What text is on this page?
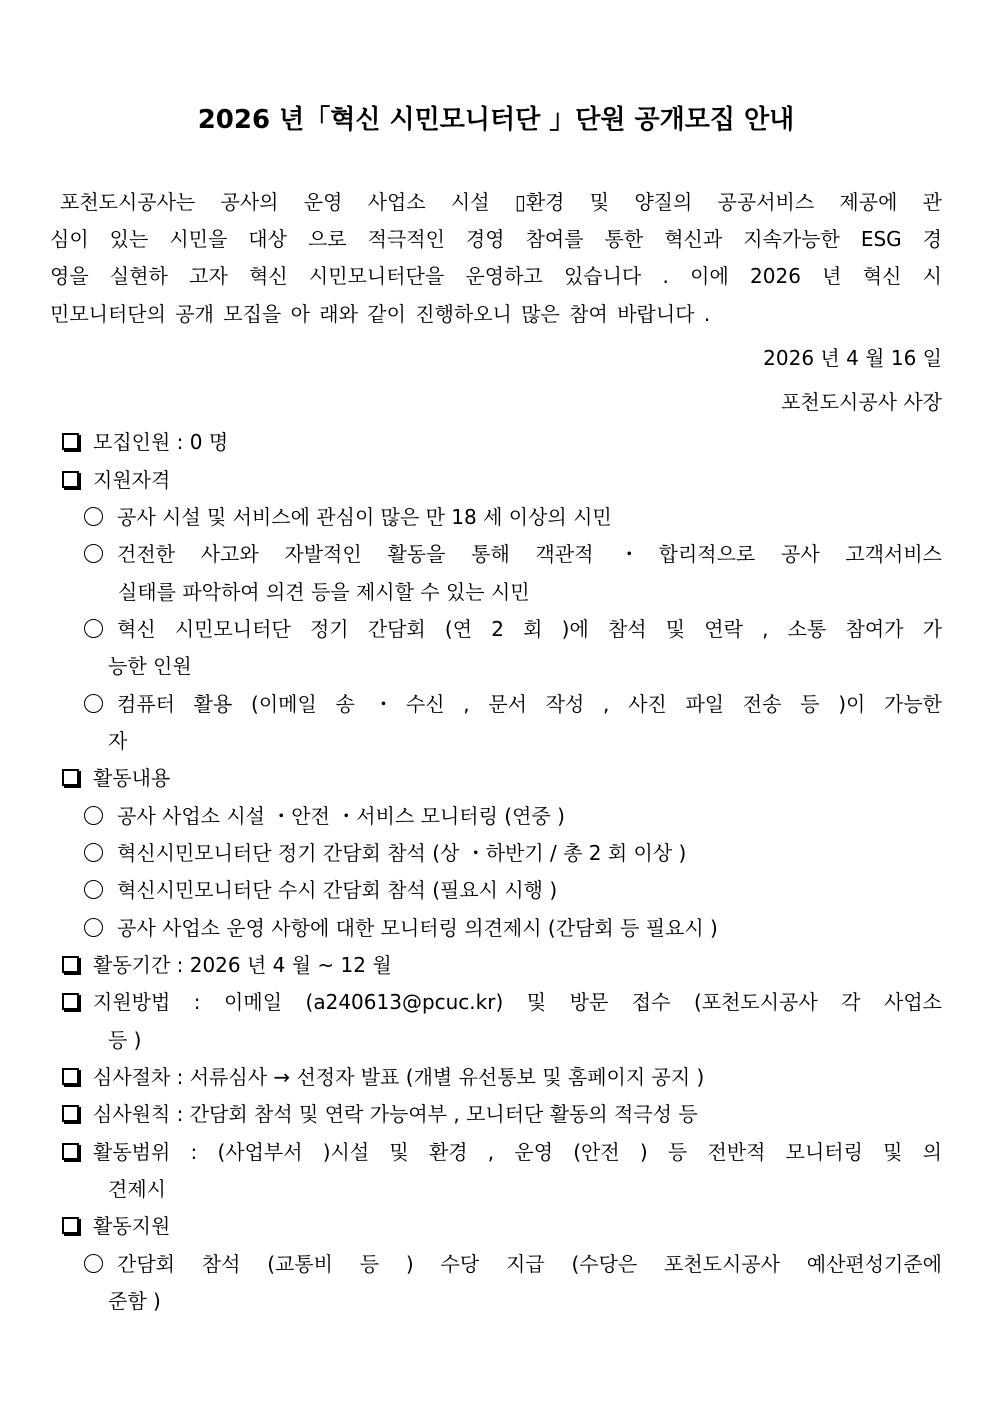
2026 년「혁신 시민모니터단 」단원 공개모집 안내
포천도시공사는 공사의 운영 사업소 시설 ▯환경 및 양질의 공공서비스 제공에 관
심이 있는 시민을 대상 으로 적극적인 경영 참여를 통한 혁신과 지속가능한 ESG 경
영을 실현하 고자 혁신 시민모니터단을 운영하고 있습니다 . 이에 2026 년 혁신 시
민모니터단의 공개 모집을 아 래와 같이 진행하오니 많은 참여 바랍니다 .
2026 년 4 월 16 일
포천도시공사 사장
모집인원 : 0 명
지원자격
공사 시설 및 서비스에 관심이 많은 만 18 세 이상의 시민
건전한 사고와 자발적인 활동을 통해 객관적 ・합리적으로 공사 고객서비스
실태를 파악하여 의견 등을 제시할 수 있는 시민
혁신 시민모니터단 정기 간담회 (연 2 회 )에 참석 및 연락 , 소통 참여가 가
능한 인원
컴퓨터 활용 (이메일 송 ・수신 , 문서 작성 , 사진 파일 전송 등 )이 가능한
자
활동내용
공사 사업소 시설 ・안전 ・서비스 모니터링 (연중 )
혁신시민모니터단 정기 간담회 참석 (상 ・하반기 / 총 2 회 이상 )
혁신시민모니터단 수시 간담회 참석 (필요시 시행 )
공사 사업소 운영 사항에 대한 모니터링 의견제시 (간담회 등 필요시 )
활동기간 : 2026 년 4 월 ~ 12 월
지원방법 : 이메일 (a240613@pcuc.kr) 및 방문 접수 (포천도시공사 각 사업소
등 )
심사절차 : 서류심사 → 선정자 발표 (개별 유선통보 및 홈페이지 공지 )
심사원칙 : 간담회 참석 및 연락 가능여부 , 모니터단 활동의 적극성 등
활동범위 : (사업부서 )시설 및 환경 , 운영 (안전 ) 등 전반적 모니터링 및 의
견제시
활동지원
간담회 참석 (교통비 등 ) 수당 지급 (수당은 포천도시공사 예산편성기준에
준함 )
